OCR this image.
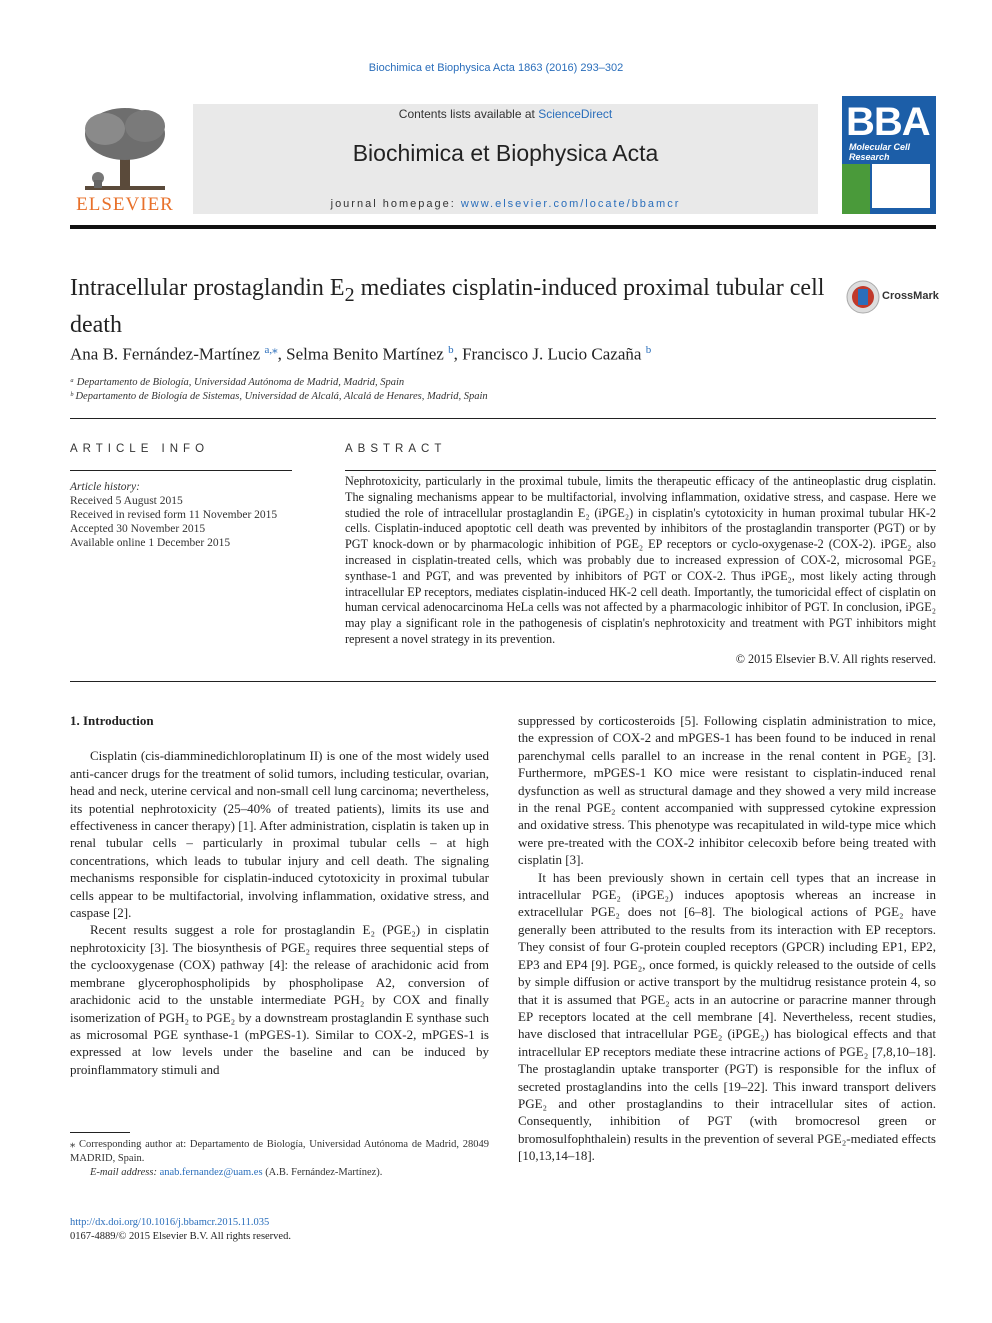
Biochimica et Biophysica Acta 1863 (2016) 293–302
ELSEVIER
Contents lists available at ScienceDirect
Biochimica et Biophysica Acta
journal homepage: www.elsevier.com/locate/bbamcr
BBA
Molecular Cell
Research
Intracellular prostaglandin $E_2$ mediates cisplatin-induced proximal tubular cell death
CrossMark
Ana B. Fernández-Martínez $^{a,⁎}$, Selma Benito Martínez $^b$, Francisco J. Lucio Cazaña $^b$
ᵃ Departamento de Biología, Universidad Autónoma de Madrid, Madrid, Spain
ᵇ Departamento de Biología de Sistemas, Universidad de Alcalá, Alcalá de Henares, Madrid, Spain
ARTICLE INFO
Article history:
Received 5 August 2015
Received in revised form 11 November 2015
Accepted 30 November 2015
Available online 1 December 2015
ABSTRACT
Nephrotoxicity, particularly in the proximal tubule, limits the therapeutic efficacy of the antineoplastic drug cisplatin. The signaling mechanisms appear to be multifactorial, involving inflammation, oxidative stress, and caspase. Here we studied the role of intracellular prostaglandin E₂ (iPGE₂) in cisplatin's cytotoxicity in human proximal tubular HK-2 cells. Cisplatin-induced apoptotic cell death was prevented by inhibitors of the prostaglandin transporter (PGT) or by PGT knock-down or by pharmacologic inhibition of PGE₂ EP receptors or cyclo-oxygenase-2 (COX-2). iPGE₂ also increased in cisplatin-treated cells, which was probably due to increased expression of COX-2, microsomal PGE₂ synthase-1 and PGT, and was prevented by inhibitors of PGT or COX-2. Thus iPGE₂, most likely acting through intracellular EP receptors, mediates cisplatin-induced HK-2 cell death. Importantly, the tumoricidal effect of cisplatin on human cervical adenocarcinoma HeLa cells was not affected by a pharmacologic inhibitor of PGT. In conclusion, iPGE₂ may play a significant role in the pathogenesis of cisplatin's nephrotoxicity and treatment with PGT inhibitors might represent a novel strategy in its prevention.
© 2015 Elsevier B.V. All rights reserved.

1. Introduction

Cisplatin (cis-diamminedichloroplatinum II) is one of the most widely used anti-cancer drugs for the treatment of solid tumors, including testicular, ovarian, head and neck, uterine cervical and non-small cell lung carcinoma; nevertheless, its potential nephrotoxicity (25–40% of treated patients), limits its use and effectiveness in cancer therapy) [1]. After administration, cisplatin is taken up in renal tubular cells – particularly in proximal tubular cells – at high concentrations, which leads to tubular injury and cell death. The signaling mechanisms responsible for cisplatin-induced cytotoxicity in proximal tubular cells appear to be multifactorial, involving inflammation, oxidative stress, and caspase [2].

Recent results suggest a role for prostaglandin E₂ (PGE₂) in cisplatin nephrotoxicity [3]. The biosynthesis of PGE₂ requires three sequential steps of the cyclooxygenase (COX) pathway [4]: the release of arachidonic acid from membrane glycerophospholipids by phospholipase A2, conversion of arachidonic acid to the unstable intermediate PGH₂ by COX and finally isomerization of PGH₂ to PGE₂ by a downstream prostaglandin E synthase such as microsomal PGE synthase-1 (mPGES-1). Similar to COX-2, mPGES-1 is expressed at low levels under the baseline and can be induced by proinflammatory stimuli and

suppressed by corticosteroids [5]. Following cisplatin administration to mice, the expression of COX-2 and mPGES-1 has been found to be induced in renal parenchymal cells parallel to an increase in the renal content in PGE₂ [3]. Furthermore, mPGES-1 KO mice were resistant to cisplatin-induced renal dysfunction as well as structural damage and they showed a very mild increase in the renal PGE₂ content accompanied with suppressed cytokine expression and oxidative stress. This phenotype was recapitulated in wild-type mice which were pre-treated with the COX-2 inhibitor celecoxib before being treated with cisplatin [3].

It has been previously shown in certain cell types that an increase in intracellular PGE₂ (iPGE₂) induces apoptosis whereas an increase in extracellular PGE₂ does not [6–8]. The biological actions of PGE₂ have generally been attributed to the results from its interaction with EP receptors. They consist of four G-protein coupled receptors (GPCR) including EP1, EP2, EP3 and EP4 [9]. PGE₂, once formed, is quickly released to the outside of cells by simple diffusion or active transport by the multidrug resistance protein 4, so that it is assumed that PGE₂ acts in an autocrine or paracrine manner through EP receptors located at the cell membrane [4]. Nevertheless, recent studies, have disclosed that intracellular PGE₂ (iPGE₂) has biological effects and that intracellular EP receptors mediate these intracrine actions of PGE₂ [7,8,10–18]. The prostaglandin uptake transporter (PGT) is responsible for the influx of secreted prostaglandins into the cells [19–22]. This inward transport delivers PGE₂ and other prostaglandins to their intracellular sites of action. Consequently, inhibition of PGT (with bromocresol green or bromosulfophthalein) results in the prevention of several PGE₂-mediated effects [10,13,14–18].

⁎ Corresponding author at: Departamento de Biología, Universidad Autónoma de Madrid, 28049 MADRID, Spain.
E-mail address: anab.fernandez@uam.es (A.B. Fernández-Martínez).
http://dx.doi.org/10.1016/j.bbamcr.2015.11.035
0167-4889/© 2015 Elsevier B.V. All rights reserved.
